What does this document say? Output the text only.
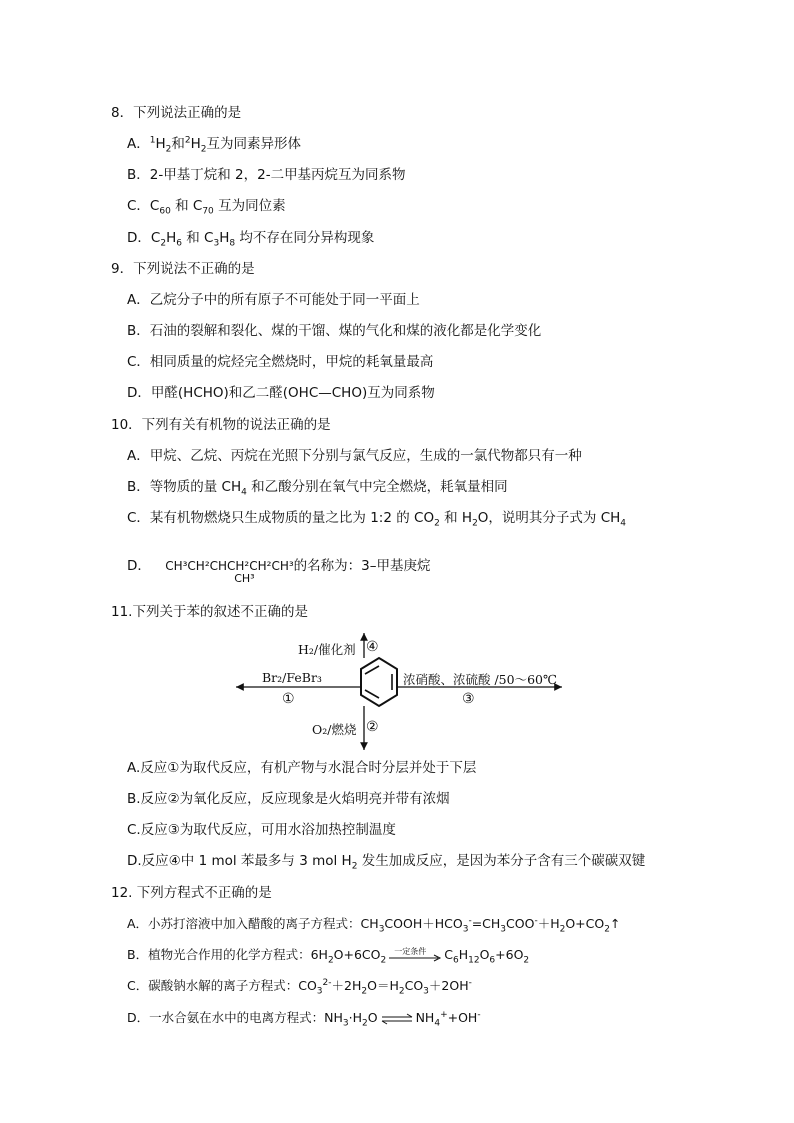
8．下列说法正确的是
A．$^1H_2$和$^2H_2$互为同素异形体
B．2-甲基丁烷和 2，2-二甲基丙烷互为同系物
C．$C_{60}$ 和 $C_{70}$ 互为同位素
D．$C_2H_6$ 和 $C_3H_8$ 均不存在同分异构现象
9．下列说法不正确的是
A．乙烷分子中的所有原子不可能处于同一平面上
B．石油的裂解和裂化、煤的干馏、煤的气化和煤的液化都是化学变化
C．相同质量的烷烃完全燃烧时，甲烷的耗氧量最高
D．甲醛(HCHO)和乙二醛(OHC—CHO)互为同系物
10．下列有关有机物的说法正确的是
A．甲烷、乙烷、丙烷在光照下分别与氯气反应，生成的一氯代物都只有一种
B．等物质的量 $CH_4$ 和乙酸分别在氧气中完全燃烧，耗氧量相同
C．某有机物燃烧只生成物质的量之比为 1:2 的 $CO_2$ 和 $H_2O$，说明其分子式为 $CH_4$
D． CH³CH²CHCH²CH²CH³
CH³
的名称为：3–甲基庚烷
11.下列关于苯的叙述不正确的是
H₂/催化剂 ④
Br₂/FeBr₃
①
浓硝酸、浓硫酸 /50～60℃
③
O₂/燃烧 ②
A.反应①为取代反应，有机产物与水混合时分层并处于下层
B.反应②为氧化反应，反应现象是火焰明亮并带有浓烟
C.反应③为取代反应，可用水浴加热控制温度
D.反应④中 1 mol 苯最多与 3 mol $H_2$ 发生加成反应，是因为苯分子含有三个碳碳双键
12. 下列方程式不正确的是
A．小苏打溶液中加入醋酸的离子方程式：$CH_3COOH+HCO_3^-=CH_3COO^-+H_2O+CO_2↑$
B．植物光合作用的化学方程式：$6H_2O+6CO_2$
一定条件 $C_6H_{12}O_6+6O_2$
C．碳酸钠水解的离子方程式：$CO_3^{2-}+2H_2O=H_2CO_3+2OH^-$
D．一水合氨在水中的电离方程式：$NH_3\cdot H_2O$ ⇌ $NH_4^++OH^-$
